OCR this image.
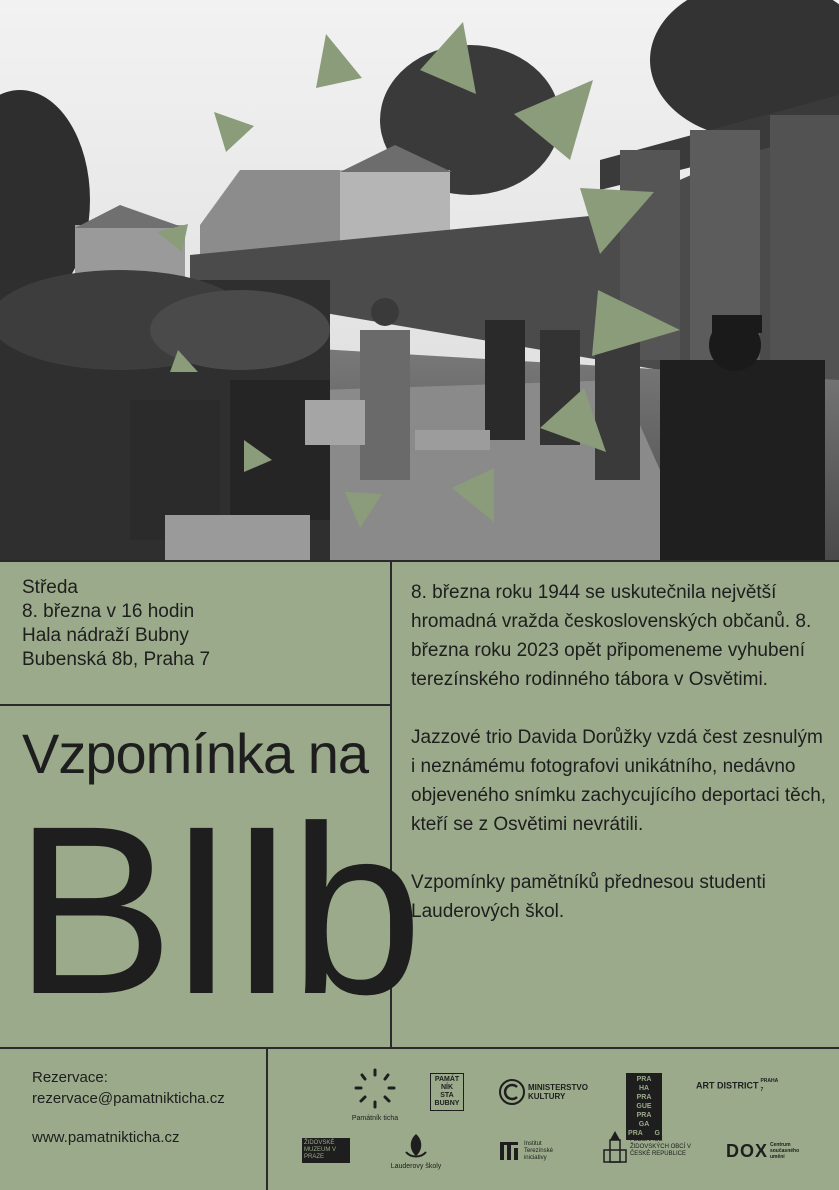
Středa
8. března v 16 hodin
Hala nádraží Bubny
Bubenská 8b, Praha 7
Vzpomínka na
BIIb

8. března roku 1944 se uskutečnila největší hromadná vražda československých občanů. 8. března roku 2023 opět připomeneme vyhubení terezínského rodinného tábora v Osvětimi.

Jazzové trio Davida Dorůžky vzdá čest zesnulým i neznámému fotografovi unikátního, nedávno objeveného snímku zachycujícího deportaci těch, kteří se z Osvětimi nevrátili.

Vzpomínky pamětníků přednesou studenti Lauderových škol.

Rezervace:
rezervace@pamatnikticha.cz
www.pamatnikticha.cz
Památník ticha
PAMÁTNÍK STA BUBNY
MINISTERSTVO KULTURY
PRA HA PRA GUE PRA GA PRA G
ART DISTRICT PRAHA 7
ŽIDOVSKÉ MUZEUM V PRAZE
Lauderovy školy
Institut Terezínské iniciativy
FEDERACE ŽIDOVSKÝCH OBCÍ V ČESKÉ REPUBLICE	DOX Centrum současného umění
